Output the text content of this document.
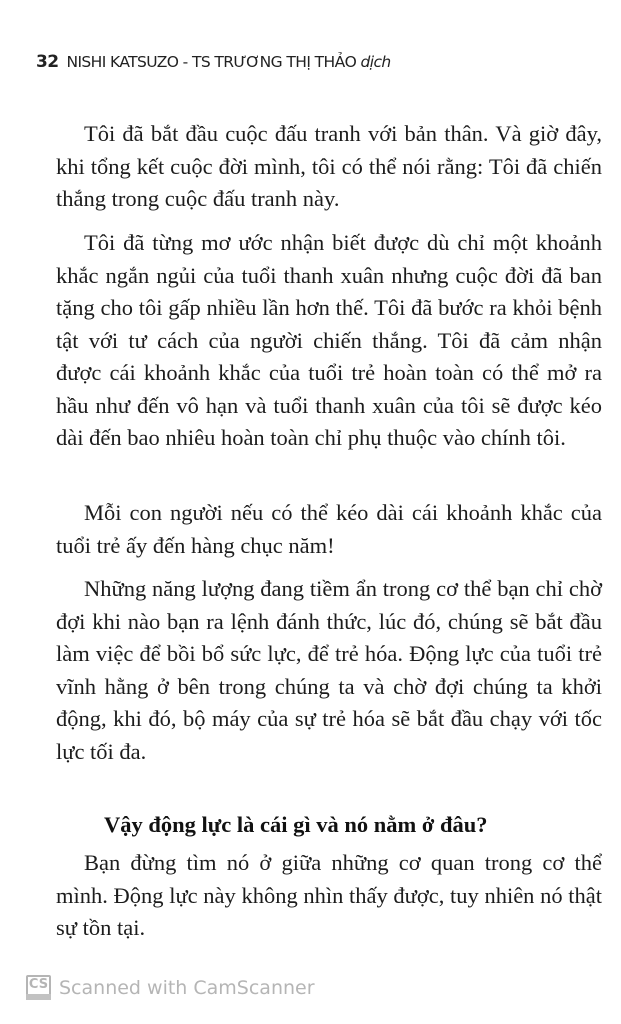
32 NISHI KATSUZO - TS TRƯƠNG THỊ THẢO dịch

Tôi đã bắt đầu cuộc đấu tranh với bản thân. Và giờ đây, khi tổng kết cuộc đời mình, tôi có thể nói rằng: Tôi đã chiến thắng trong cuộc đấu tranh này.

Tôi đã từng mơ ước nhận biết được dù chỉ một khoảnh khắc ngắn ngủi của tuổi thanh xuân nhưng cuộc đời đã ban tặng cho tôi gấp nhiều lần hơn thế. Tôi đã bước ra khỏi bệnh tật với tư cách của người chiến thắng. Tôi đã cảm nhận được cái khoảnh khắc của tuổi trẻ hoàn toàn có thể mở ra hầu như đến vô hạn và tuổi thanh xuân của tôi sẽ được kéo dài đến bao nhiêu hoàn toàn chỉ phụ thuộc vào chính tôi.

Mỗi con người nếu có thể kéo dài cái khoảnh khắc của tuổi trẻ ấy đến hàng chục năm!

Những năng lượng đang tiềm ẩn trong cơ thể bạn chỉ chờ đợi khi nào bạn ra lệnh đánh thức, lúc đó, chúng sẽ bắt đầu làm việc để bồi bổ sức lực, để trẻ hóa. Động lực của tuổi trẻ vĩnh hằng ở bên trong chúng ta và chờ đợi chúng ta khởi động, khi đó, bộ máy của sự trẻ hóa sẽ bắt đầu chạy với tốc lực tối đa.

Vậy động lực là cái gì và nó nằm ở đâu?

Bạn đừng tìm nó ở giữa những cơ quan trong cơ thể mình. Động lực này không nhìn thấy được, tuy nhiên nó thật sự tồn tại.

CS Scanned with CamScanner
